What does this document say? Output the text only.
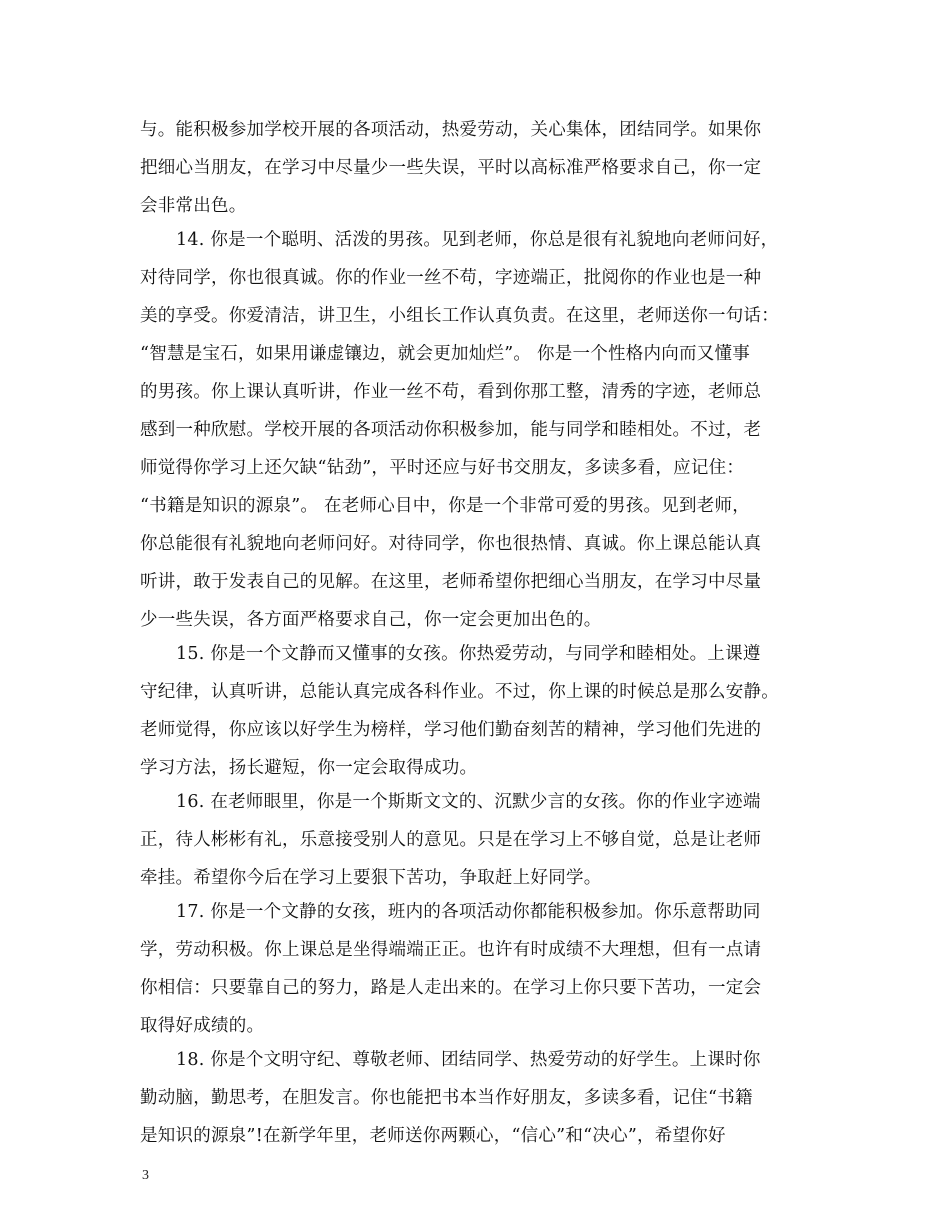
与。能积极参加学校开展的各项活动，热爱劳动，关心集体，团结同学。如果你
把细心当朋友，在学习中尽量少一些失误，平时以高标准严格要求自己，你一定
会非常出色。
14. 你是一个聪明、活泼的男孩。见到老师，你总是很有礼貌地向老师问好，
对待同学，你也很真诚。你的作业一丝不苟，字迹端正，批阅你的作业也是一种
美的享受。你爱清洁，讲卫生，小组长工作认真负责。在这里，老师送你一句话：
“智慧是宝石，如果用谦虚镶边，就会更加灿烂”。 你是一个性格内向而又懂事
的男孩。你上课认真听讲，作业一丝不苟，看到你那工整，清秀的字迹，老师总
感到一种欣慰。学校开展的各项活动你积极参加，能与同学和睦相处。不过，老
师觉得你学习上还欠缺“钻劲”，平时还应与好书交朋友，多读多看，应记住：
“书籍是知识的源泉”。 在老师心目中，你是一个非常可爱的男孩。见到老师，
你总能很有礼貌地向老师问好。对待同学，你也很热情、真诚。你上课总能认真
听讲，敢于发表自己的见解。在这里，老师希望你把细心当朋友，在学习中尽量
少一些失误，各方面严格要求自己，你一定会更加出色的。
15. 你是一个文静而又懂事的女孩。你热爱劳动，与同学和睦相处。上课遵
守纪律，认真听讲，总能认真完成各科作业。不过，你上课的时候总是那么安静。
老师觉得，你应该以好学生为榜样，学习他们勤奋刻苦的精神，学习他们先进的
学习方法，扬长避短，你一定会取得成功。
16. 在老师眼里，你是一个斯斯文文的、沉默少言的女孩。你的作业字迹端
正，待人彬彬有礼，乐意接受别人的意见。只是在学习上不够自觉，总是让老师
牵挂。希望你今后在学习上要狠下苦功，争取赶上好同学。
17. 你是一个文静的女孩，班内的各项活动你都能积极参加。你乐意帮助同
学，劳动积极。你上课总是坐得端端正正。也许有时成绩不大理想，但有一点请
你相信：只要靠自己的努力，路是人走出来的。在学习上你只要下苦功，一定会
取得好成绩的。
18. 你是个文明守纪、尊敬老师、团结同学、热爱劳动的好学生。上课时你
勤动脑，勤思考，在胆发言。你也能把书本当作好朋友，多读多看，记住“书籍
是知识的源泉”!在新学年里，老师送你两颗心，“信心”和“决心”，希望你好
3
